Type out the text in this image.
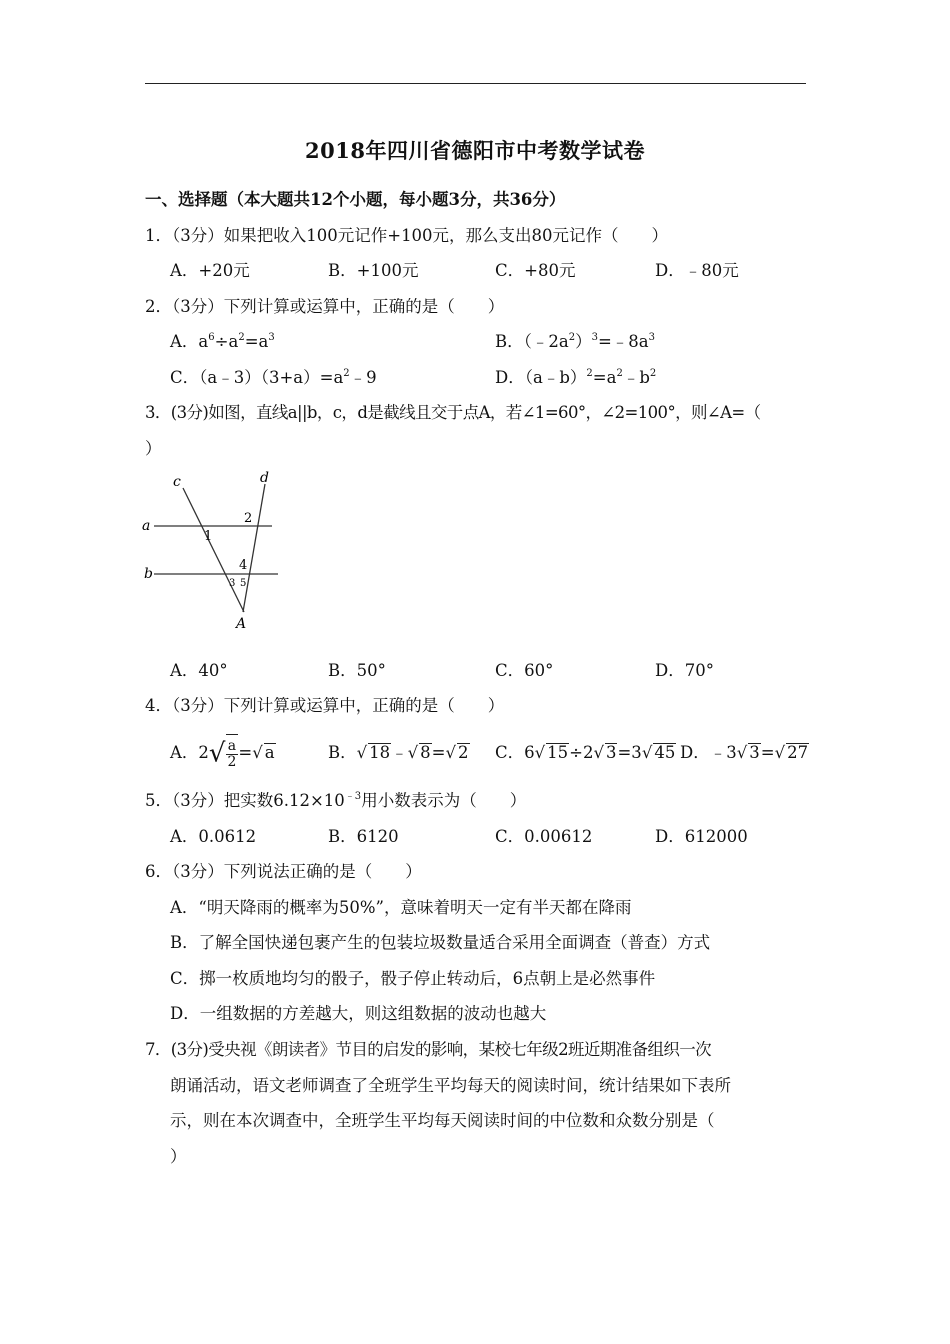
2018年四川省德阳市中考数学试卷
一、选择题（本大题共12个小题，每小题3分，共36分）
1．（3分）如果把收入100元记作+100元，那么支出80元记作（　　）
A．+20元	B．+100元	C．+80元	D．﹣80元
2．（3分）下列计算或运算中，正确的是（　　）
A．$a^6\div a^2=a^3$	B．$(﹣2a^2)^3=﹣8a^3$
C．$(a﹣3)(3+a)=a^2﹣9$	D．$(a﹣b)^2=a^2﹣b^2$
3．(3分)如图，直线a||b，c，d是截线且交于点A，若∠1=60°，∠2=100°，则∠A=（
）
c	d
a
b
1
2
4
3 5
A
A．40°	B．50°	C．60°	D．70°
4．（3分）下列计算或运算中，正确的是（　　）
A．$2√ \frac{a}{2}$ =√ a	B．√ 18﹣√ 8=√ 2 C．6√ 15÷2√ 3=3√ 45 D．﹣3√ 3=√ 27
5．（3分）把实数$6.12\times 10^{﹣3}$用小数表示为（　　）
A．0.0612	B．6120	C．0.00612	D．612000
6．（3分）下列说法正确的是（　　）
A．“明天降雨的概率为50%”，意味着明天一定有半天都在降雨
B．了解全国快递包裹产生的包装垃圾数量适合采用全面调查（普查）方式
C．掷一枚质地均匀的骰子，骰子停止转动后，6点朝上是必然事件
D．一组数据的方差越大，则这组数据的波动也越大
7．(3分)受央视《朗读者》节目的启发的影响，某校七年级2班近期准备组织一次
朗诵活动，语文老师调查了全班学生平均每天的阅读时间，统计结果如下表所
示，则在本次调查中，全班学生平均每天阅读时间的中位数和众数分别是（
）
